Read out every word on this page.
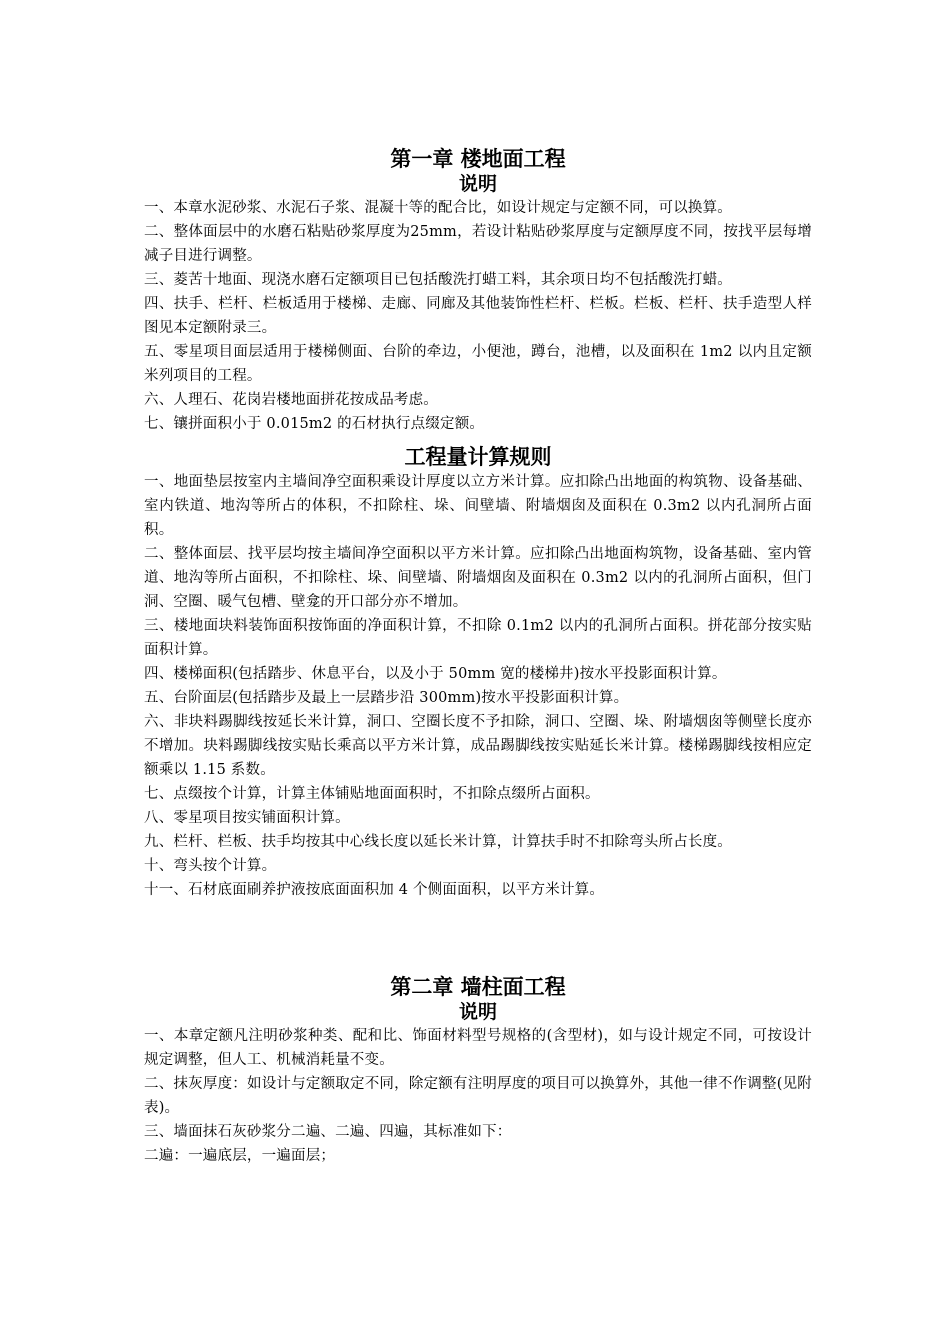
第一章 楼地面工程
说明

一、本章水泥砂浆、水泥石子浆、混凝十等的配合比，如设计规定与定额不同，可以换算。

二、整体面层中的水磨石粘贴砂浆厚度为25mm，若设计粘贴砂浆厚度与定额厚度不同，按找平层每增减子目进行调整。

三、菱苦十地面、现浇水磨石定额项目已包括酸洗打蜡工料，其余项日均不包括酸洗打蜡。

四、扶手、栏杆、栏板适用于楼梯、走廊、同廊及其他装饰性栏杆、栏板。栏板、栏杆、扶手造型人样图见本定额附录三。

五、零星项目面层适用于楼梯侧面、台阶的牵边，小便池，蹲台，池槽，以及面积在 1m2 以内且定额米列项目的工程。

六、人理石、花岗岩楼地面拼花按成品考虑。

七、镶拼面积小于 0.015m2 的石材执行点缀定额。

工程量计算规则

一、地面垫层按室内主墙间净空面积乘设计厚度以立方米计算。应扣除凸出地面的构筑物、设备基础、室内铁道、地沟等所占的体积，不扣除柱、垛、间壁墙、附墙烟囱及面积在 0.3m2 以内孔洞所占面积。

二、整体面层、找平层均按主墙间净空面积以平方米计算。应扣除凸出地面构筑物，设备基础、室内管道、地沟等所占面积，不扣除柱、垛、间壁墙、附墙烟囱及面积在 0.3m2 以内的孔洞所占面积，但门洞、空圈、暖气包槽、壁龛的开口部分亦不增加。

三、楼地面块料装饰面积按饰面的净面积计算，不扣除 0.1m2 以内的孔洞所占面积。拼花部分按实贴面积计算。

四、楼梯面积(包括踏步、休息平台，以及小于 50mm 宽的楼梯井)按水平投影面积计算。

五、台阶面层(包括踏步及最上一层踏步沿 300mm)按水平投影面积计算。

六、非块料踢脚线按延长米计算，洞口、空圈长度不予扣除，洞口、空圈、垛、附墙烟囱等侧壁长度亦不增加。块料踢脚线按实贴长乘高以平方米计算，成品踢脚线按实贴延长米计算。楼梯踢脚线按相应定额乘以 1.15 系数。

七、点缀按个计算，计算主体铺贴地面面积时，不扣除点缀所占面积。

八、零星项目按实铺面积计算。

九、栏杆、栏板、扶手均按其中心线长度以延长米计算，计算扶手时不扣除弯头所占长度。

十、弯头按个计算。

十一、石材底面刷养护液按底面面积加 4 个侧面面积，以平方米计算。

第二章 墙柱面工程
说明

一、本章定额凡注明砂浆种类、配和比、饰面材料型号规格的(含型材)，如与设计规定不同，可按设计规定调整，但人工、机械消耗量不变。

二、抹灰厚度：如设计与定额取定不同，除定额有注明厚度的项目可以换算外，其他一律不作调整(见附表)。

三、墙面抹石灰砂浆分二遍、二遍、四遍，其标准如下：

二遍：一遍底层，一遍面层；
